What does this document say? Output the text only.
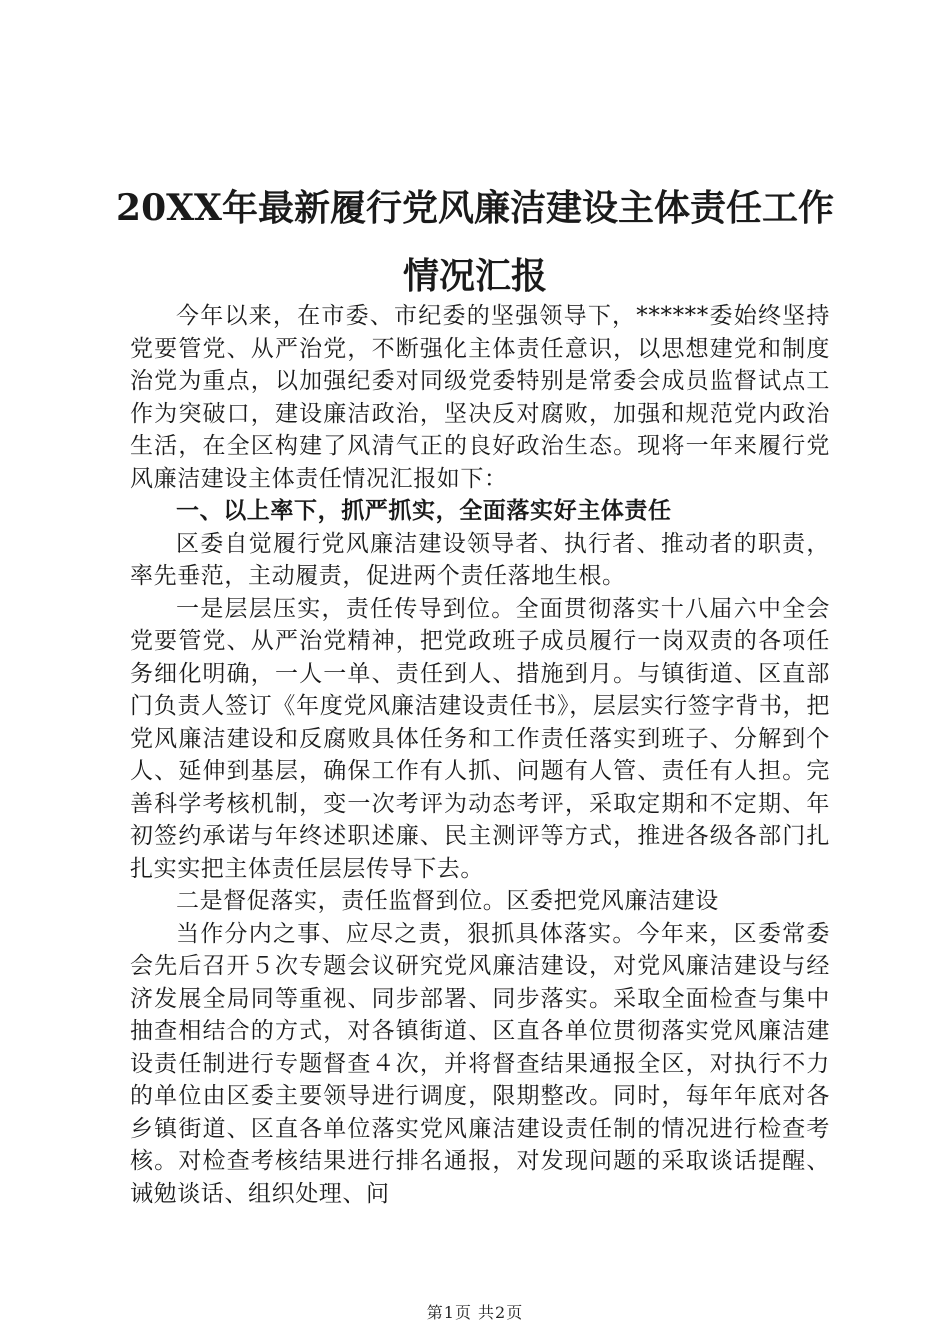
20XX年最新履行党风廉洁建设主体责任工作
情况汇报

今年以来，在市委、市纪委的坚强领导下，******委始终坚持党要管党、从严治党，不断强化主体责任意识，以思想建党和制度治党为重点，以加强纪委对同级党委特别是常委会成员监督试点工作为突破口，建设廉洁政治，坚决反对腐败，加强和规范党内政治生活，在全区构建了风清气正的良好政治生态。现将一年来履行党风廉洁建设主体责任情况汇报如下：

一、以上率下，抓严抓实，全面落实好主体责任

区委自觉履行党风廉洁建设领导者、执行者、推动者的职责，率先垂范，主动履责，促进两个责任落地生根。

一是层层压实，责任传导到位。全面贯彻落实十八届六中全会党要管党、从严治党精神，把党政班子成员履行一岗双责的各项任务细化明确，一人一单、责任到人、措施到月。与镇街道、区直部门负责人签订《年度党风廉洁建设责任书》，层层实行签字背书，把党风廉洁建设和反腐败具体任务和工作责任落实到班子、分解到个人、延伸到基层，确保工作有人抓、问题有人管、责任有人担。完善科学考核机制，变一次考评为动态考评，采取定期和不定期、年初签约承诺与年终述职述廉、民主测评等方式，推进各级各部门扎扎实实把主体责任层层传导下去。

二是督促落实，责任监督到位。区委把党风廉洁建设

当作分内之事、应尽之责，狠抓具体落实。今年来，区委常委会先后召开５次专题会议研究党风廉洁建设，对党风廉洁建设与经济发展全局同等重视、同步部署、同步落实。采取全面检查与集中抽查相结合的方式，对各镇街道、区直各单位贯彻落实党风廉洁建设责任制进行专题督查４次，并将督查结果通报全区，对执行不力的单位由区委主要领导进行调度，限期整改。同时，每年年底对各乡镇街道、区直各单位落实党风廉洁建设责任制的情况进行检查考核。对检查考核结果进行排名通报，对发现问题的采取谈话提醒、诫勉谈话、组织处理、问

第1页 共2页
